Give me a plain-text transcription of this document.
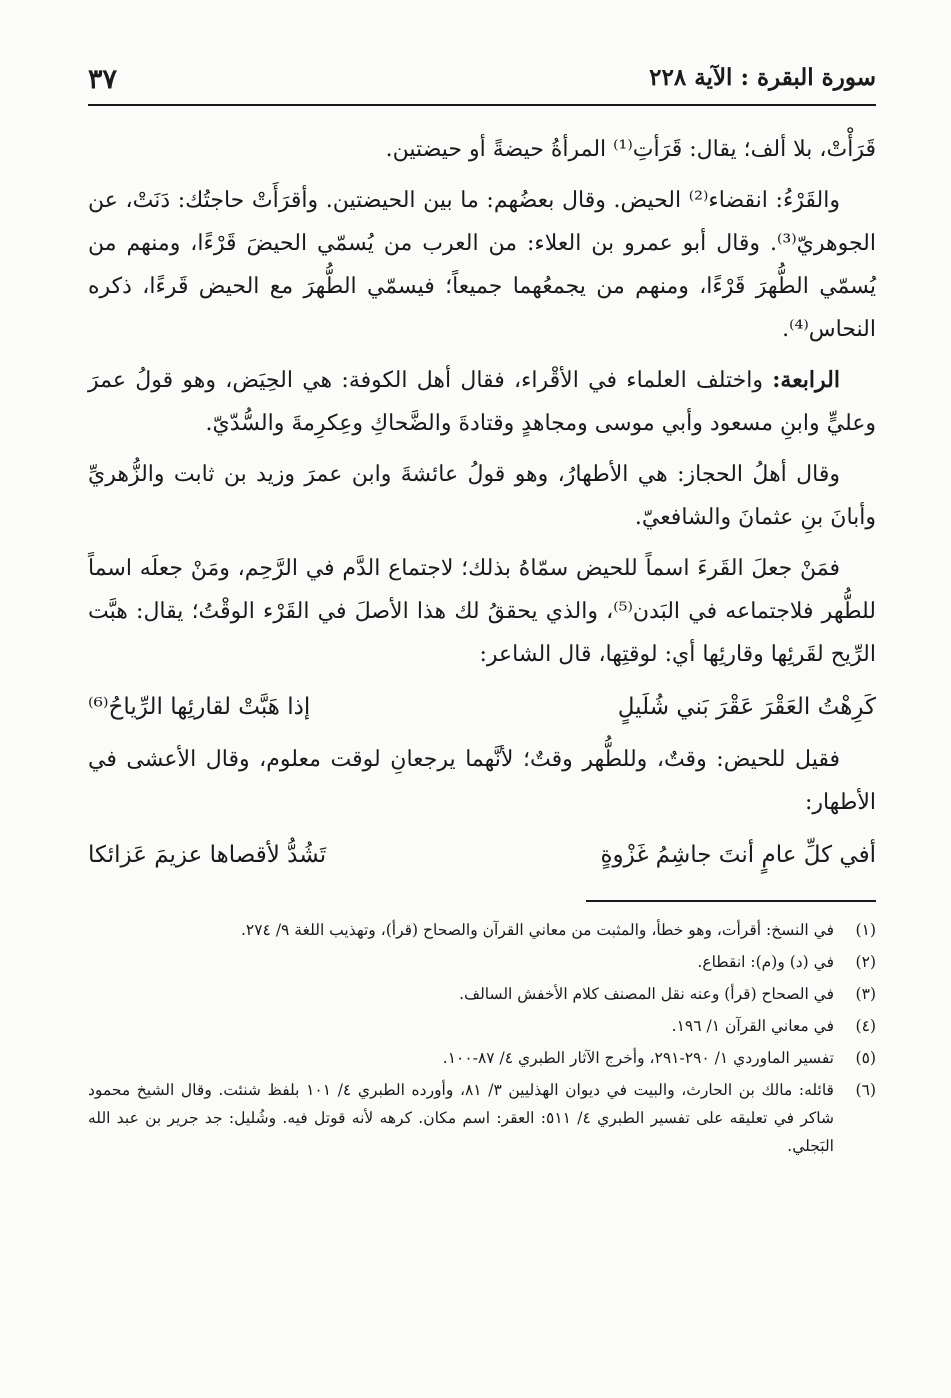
سورة البقرة : الآية ٢٢٨
٣٧

قَرَأْتْ، بلا ألف؛ يقال: قَرَأتِ⁽¹⁾ المرأةُ حيضةً أو حيضتين.

والقَرْءُ: انقضاء⁽²⁾ الحيض. وقال بعضُهم: ما بين الحيضتين. وأقرَأَتْ حاجتُك: دَنَتْ، عن الجوهريّ⁽³⁾. وقال أبو عمرو بن العلاء: من العرب من يُسمّي الحيضَ قَرْءًا، ومنهم من يُسمّي الطُّهرَ قَرْءًا، ومنهم من يجمعُهما جميعاً؛ فيسمّي الطُّهرَ مع الحيض قَرءًا، ذكره النحاس⁽⁴⁾.

الرابعة: واختلف العلماء في الأقْراء، فقال أهل الكوفة: هي الحِيَض، وهو قولُ عمرَ وعليٍّ وابنِ مسعود وأبي موسى ومجاهدٍ وقتادةَ والضَّحاكِ وعِكرِمةَ والسُّدّيّ.

وقال أهلُ الحجاز: هي الأطهارُ، وهو قولُ عائشةَ وابن عمرَ وزيد بن ثابت والزُّهريِّ وأبانَ بنِ عثمانَ والشافعيّ.

فمَنْ جعلَ القَرءَ اسماً للحيض سمّاهُ بذلك؛ لاجتماع الدَّم في الرَّحِم، ومَنْ جعلَه اسماً للطُّهر فلاجتماعه في البَدن⁽⁵⁾، والذي يحققُ لك هذا الأصلَ في القَرْء الوقْتُ؛ يقال: هبَّت الرِّيح لقَرئِها وقارئِها أي: لوقتِها، قال الشاعر:

كَرِهْتُ العَقْرَ عَقْرَ بَني شُلَيلٍ
إذا هَبَّتْ لقارئِها الرِّياحُ⁽⁶⁾

فقيل للحيض: وقتٌ، وللطُّهر وقتٌ؛ لأنَّهما يرجعانِ لوقت معلوم، وقال الأعشى في الأطهار:

أفي كلِّ عامٍ أنتَ جاشِمُ غَزْوةٍ
تَشُدُّ لأقصاها عزيمَ عَزائكا
(١)
في النسخ: أقرأت، وهو خطأ، والمثبت من معاني القرآن والصحاح (قرأ)، وتهذيب اللغة ٩/ ٢٧٤.
(٢)
في (د) و(م): انقطاع.
(٣)
في الصحاح (قرأ) وعنه نقل المصنف كلام الأخفش السالف.
(٤)
في معاني القرآن ١/ ١٩٦.
(٥)
تفسير الماوردي ١/ ٢٩٠-٢٩١، وأخرج الآثار الطبري ٤/ ٨٧-١٠٠.
(٦)
قائله: مالك بن الحارث، والبيت في ديوان الهذليين ٣/ ٨١، وأورده الطبري ٤/ ١٠١ بلفظ شنئت. وقال الشيخ محمود شاكر في تعليقه على تفسير الطبري ٤/ ٥١١: العقر: اسم مكان. كرهه لأنه قوتل فيه. وشُليل: جد جرير بن عبد الله البَجلي.
